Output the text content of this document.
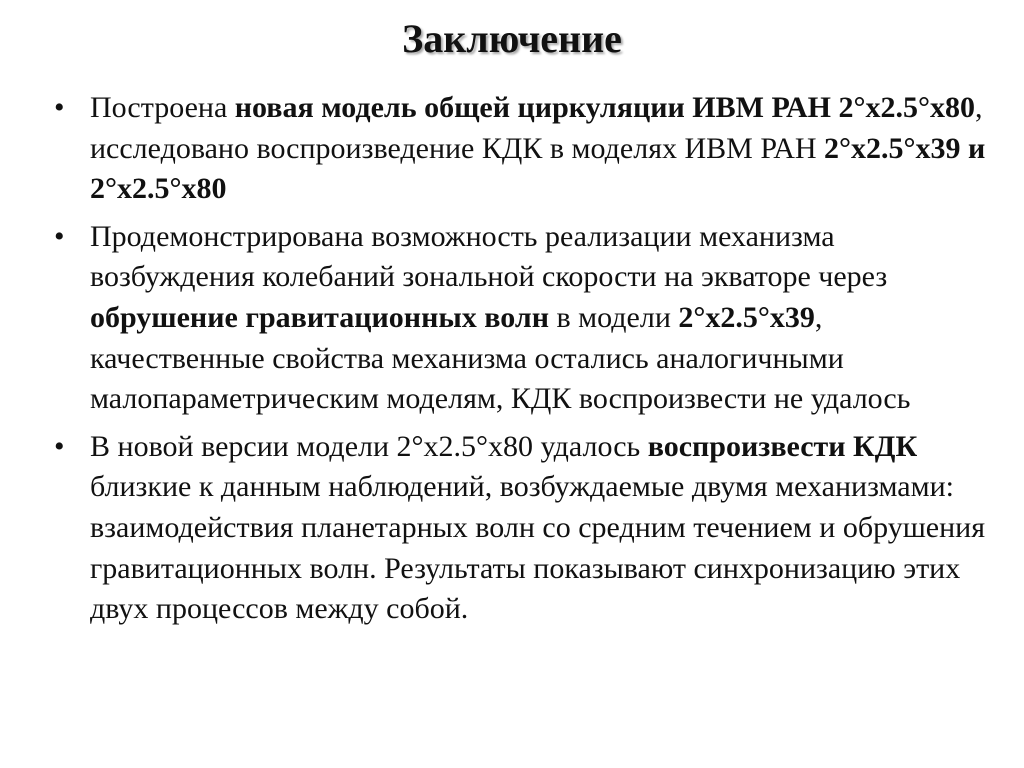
Заключение
• Построена новая модель общей циркуляции ИВМ РАН 2°x2.5°x80, исследовано воспроизведение КДК в моделях ИВМ РАН 2°x2.5°x39 и 2°x2.5°x80
• Продемонстрирована возможность реализации механизма возбуждения колебаний зональной скорости на экваторе через обрушение гравитационных волн в модели 2°x2.5°x39, качественные свойства механизма остались аналогичными малопараметрическим моделям, КДК воспроизвести не удалось
• В новой версии модели 2°x2.5°x80 удалось воспроизвести КДК близкие к данным наблюдений, возбуждаемые двумя механизмами: взаимодействия планетарных волн со средним течением и обрушения гравитационных волн. Результаты показывают синхронизацию этих двух процессов между собой.
